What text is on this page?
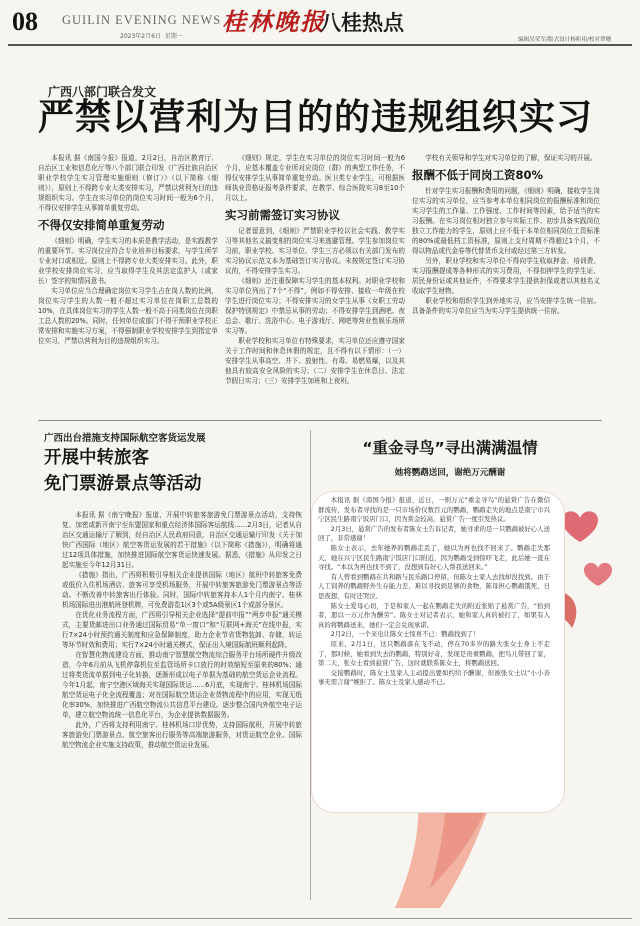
08 GUILIN EVENING NEWS
2023年2月6日 星期一
桂林晚报
八桂热点
编辑吴荣军/版式设计杨昕祎/校对覃珊
广西八部门联合发文
严禁以营利为目的的违规组织实习

本报讯 据《南国今报》报道，2月2日，自治区教育厅、自治区工业和信息化厅等八个部门联合印发《广西壮族自治区职业学校学生实习管理实施细则（修订）》（以下简称《细则》），原则上不得跨专业大类安排实习，严禁以营利为目的违规组织实习。学生在实习单位的岗位实习时间一般为6个月，不得仅安排学生从事简单重复劳动。

不得仅安排简单重复劳动

《细则》明确，学生实习的本质是教学活动，是实践教学的重要环节。实习岗位应符合专业培养目标要求，与学生所学专业对口或相近。原则上不得跨专业大类安排实习。此外，职业学校安排岗位实习，应当取得学生及其法定监护人（或家长）签字的知情同意书。

实习单位应当合理确定岗位实习学生占在岗人数的比例，岗位实习学生的人数一般不超过实习单位在岗职工总数的10%，在具体岗位实习的学生人数一般不高于同类岗位在岗职工总人数的20%。同时，任何单位或部门不得干预职业学校正常安排和实施实习方案，不得强制职业学校安排学生到指定单位实习，严禁以营利为目的违规组织实习。

《细则》规定，学生在实习单位的岗位实习时间一般为6个月，应基本覆盖专业所对应岗位（群）的典型工作任务，不得仅安排学生从事简单重复劳动。医卫类专业学生，可根据医师执业资格证报考条件要求，在教学、综合医院实习8至10个月以上。

实习前需签订实习协议

记者留意到，《细则》严禁职业学校以社会实践、教学实习等其他名义搞变相的岗位实习来逃避管理。学生参加岗位实习前，职业学校、实习单位、学生三方必须以有关部门发布的实习协议示范文本为基础签订实习协议。未按规定签订实习协议的，不得安排学生实习。

《细则》还注重保障实习学生的基本权利。对职业学校和实习单位列出了7个“不得”，例如不得安排、接收一年级在校学生进行岗位实习；不得安排实习的女学生从事《女职工劳动保护特别规定》中禁忌从事的劳动；不得安排学生到酒吧、夜总会、歌厅、洗浴中心、电子游戏厅、网吧等营业性娱乐场所实习等。

职业学校和实习单位有特殊要求，实习单位还应遵守国家关于工作时间和休息休假的规定，且不得有以下情形：（一）安排学生从事高空、井下、放射性、有毒、易燃易爆，以及其他具有较高安全风险的实习；（二）安排学生在休息日、法定节假日实习；（三）安排学生加班和上夜班。

学校有关领导和学生对实习单位的了解，保证实习的开展。

报酬不低于同岗工资80%

针对学生实习报酬和费用的问题，《细则》明确，接收学生岗位实习的实习单位，应当参考本单位相同岗位的报酬标准和岗位实习学生的工作量、工作强度、工作时间等因素，给予适当的实习报酬。在实习岗位相对独立参与实际工作、初步具备实践岗位独立工作能力的学生，原则上应不低于本单位相同岗位工资标准的80%或最低档工资标准，原则上支付周期不得超过1个月，不得以物品或代金券等代替货币支付或经过第三方转发。

另外，职业学校和实习单位不得向学生收取押金、培训费、实习报酬提成等各种形式的实习费用，不得扣押学生的学生证、居民身份证或其他证件，不得要求学生提供担保或者以其他名义收取学生财物。

职业学校和组织学生到外地实习，应当安排学生统一住宿。具备条件的实习单位应当为实习学生提供统一住宿。

广西出台措施支持国际航空客货运发展
开展中转旅客
免门票游景点等活动

本报讯 据《南宁晚报》报道，开展中转旅客旅游免门票游景点活动，支持恢复、加密或新开南宁至东盟国家和重点经济体国际客运航线……2月3日，记者从自治区交通运输厅了解到，经自治区人民政府同意，自治区交通运输厅印发《关于加快广西国际（地区）航空客货运发展的若干措施》（以下简称《措施》），明确将通过12项具体措施，加快推进国际航空客货运快速发展。据悉，《措施》从印发之日起实施至今年12月31日。

《措施》指出，广西将积极引导相关企业提供国际（地区）航班中转旅客免费或低价入住机场酒店、旅客可享受机场服务，开展中转旅客旅游免门票游景点等活动。不断改善中转旅客出行体验。同时，国际中转旅客持本人1个月内南宁、桂林机场国际进出港航班登机牌，可免费游览1区3个或5A级景区1个或部分景区。

在优化业务流程方面，广西将引导相关企业选择“提前申报”“两步申报”通关模式，主要货邮进出口业务通过国际贸易“单一窗口”和“互联网+海关”在线申报，实行7×24小时预约通关制度和应急保障制度，助力企业节省货物装卸、存储，转运等环节时效和费用；实行7×24小时通关模式，保证出入境国际航班顺利起降。

在智慧化物流建设方面，推动南宁智慧航空物流综合服务平台场所硬件升级改造，今年6月前从飞机停靠机位至监管场所卡口放行的时效缩短至原来的80%；通过将类货流单据到电子化转换，逐渐形成以电子单据为基础的航空货运企业流程。今年1月起，南宁空港区域海关实现国际货运……6月底，实现南宁、桂林机场国际航空货运电子化全流程覆盖；对在国际航空货运企业货物流程中的应用，实现无纸化率30%，加快推进广西航空物流公共信息平台建设。逐步整合国内外航空电子运单，建立航空物流统一信息化平台，为企业提供数据服务。

此外，广西将支持利用南宁、桂林机场口岸优势，支持国际航班，开展中转旅客旅游免门票游景点、航空旅客出行服务等高端旅游服务，对货运航空企业、国际航空物流企业实施支持政策，推动航空货运业发展。

“重金寻鸟”寻出满满温情
她将鹦鹉送回，谢绝万元酬谢

本报讯 据《南国今报》报道，近日，一则万元“重金寻鸟”的悬赏广告在微信群流传，发布者寻找的是一只市场价仅数百元的鹦鹉，鹦鹉走失的地点是南宁市兴宁区民生路南宁饭店门口，因为赏金较高，悬赏广告一度引发热议。

2月3日，悬赏广告的发布者陈女士告诉记者，她寻求的是一只鹦鹉被好心人送回了，非常感谢！

陈女士表示，去年她养的鹦鹉走丢了，她以为再也找不回来了。鹦鹉走失那天，她在兴宁区民生路南宁饭店门口附近，因为鹦鹉受到惊吓飞走，此后她一直在寻找。“本以为再也找不到了，没想到有好心人帮我送回来。”

有人曾看到鹦鹉在共和路与民乐路口停留，但陈女士家人去找却没找到。由于人工饲养的鹦鹉野外生存能力差，难以寻找到足够的食物，陈母担心鹦鹉饿死，日思夜想，有时还哭泣。

陈女士爱母心切，于是和家人一起在鹦鹉走失的附近张贴了悬赏广告，“拾到者，愿以一万元作为酬劳”。陈女士对记者表示，她和家人真的被打了，如果有人真的将鹦鹉送来，她们一定会兑现承诺。

2月2日，一个来电让陈女士惊喜不已：鹦鹉找到了！

原来，2月1日，这只鹦鹉落在飞不动，停在70多岁的路大张女士身上不走了，那时候，她看到失去的鹦鹉，特别好奇，发现是贵重鹦鹉，把鸟儿带回了家，第二天，张女士看到悬赏广告，这时就联系陈女士，将鹦鹉送回。

交接鹦鹉时，陈女士及家人主动提出要如约给予酬谢，但被张女士以“小小善事无需言谢”婉拒了。陈女士及家人感动不已。
